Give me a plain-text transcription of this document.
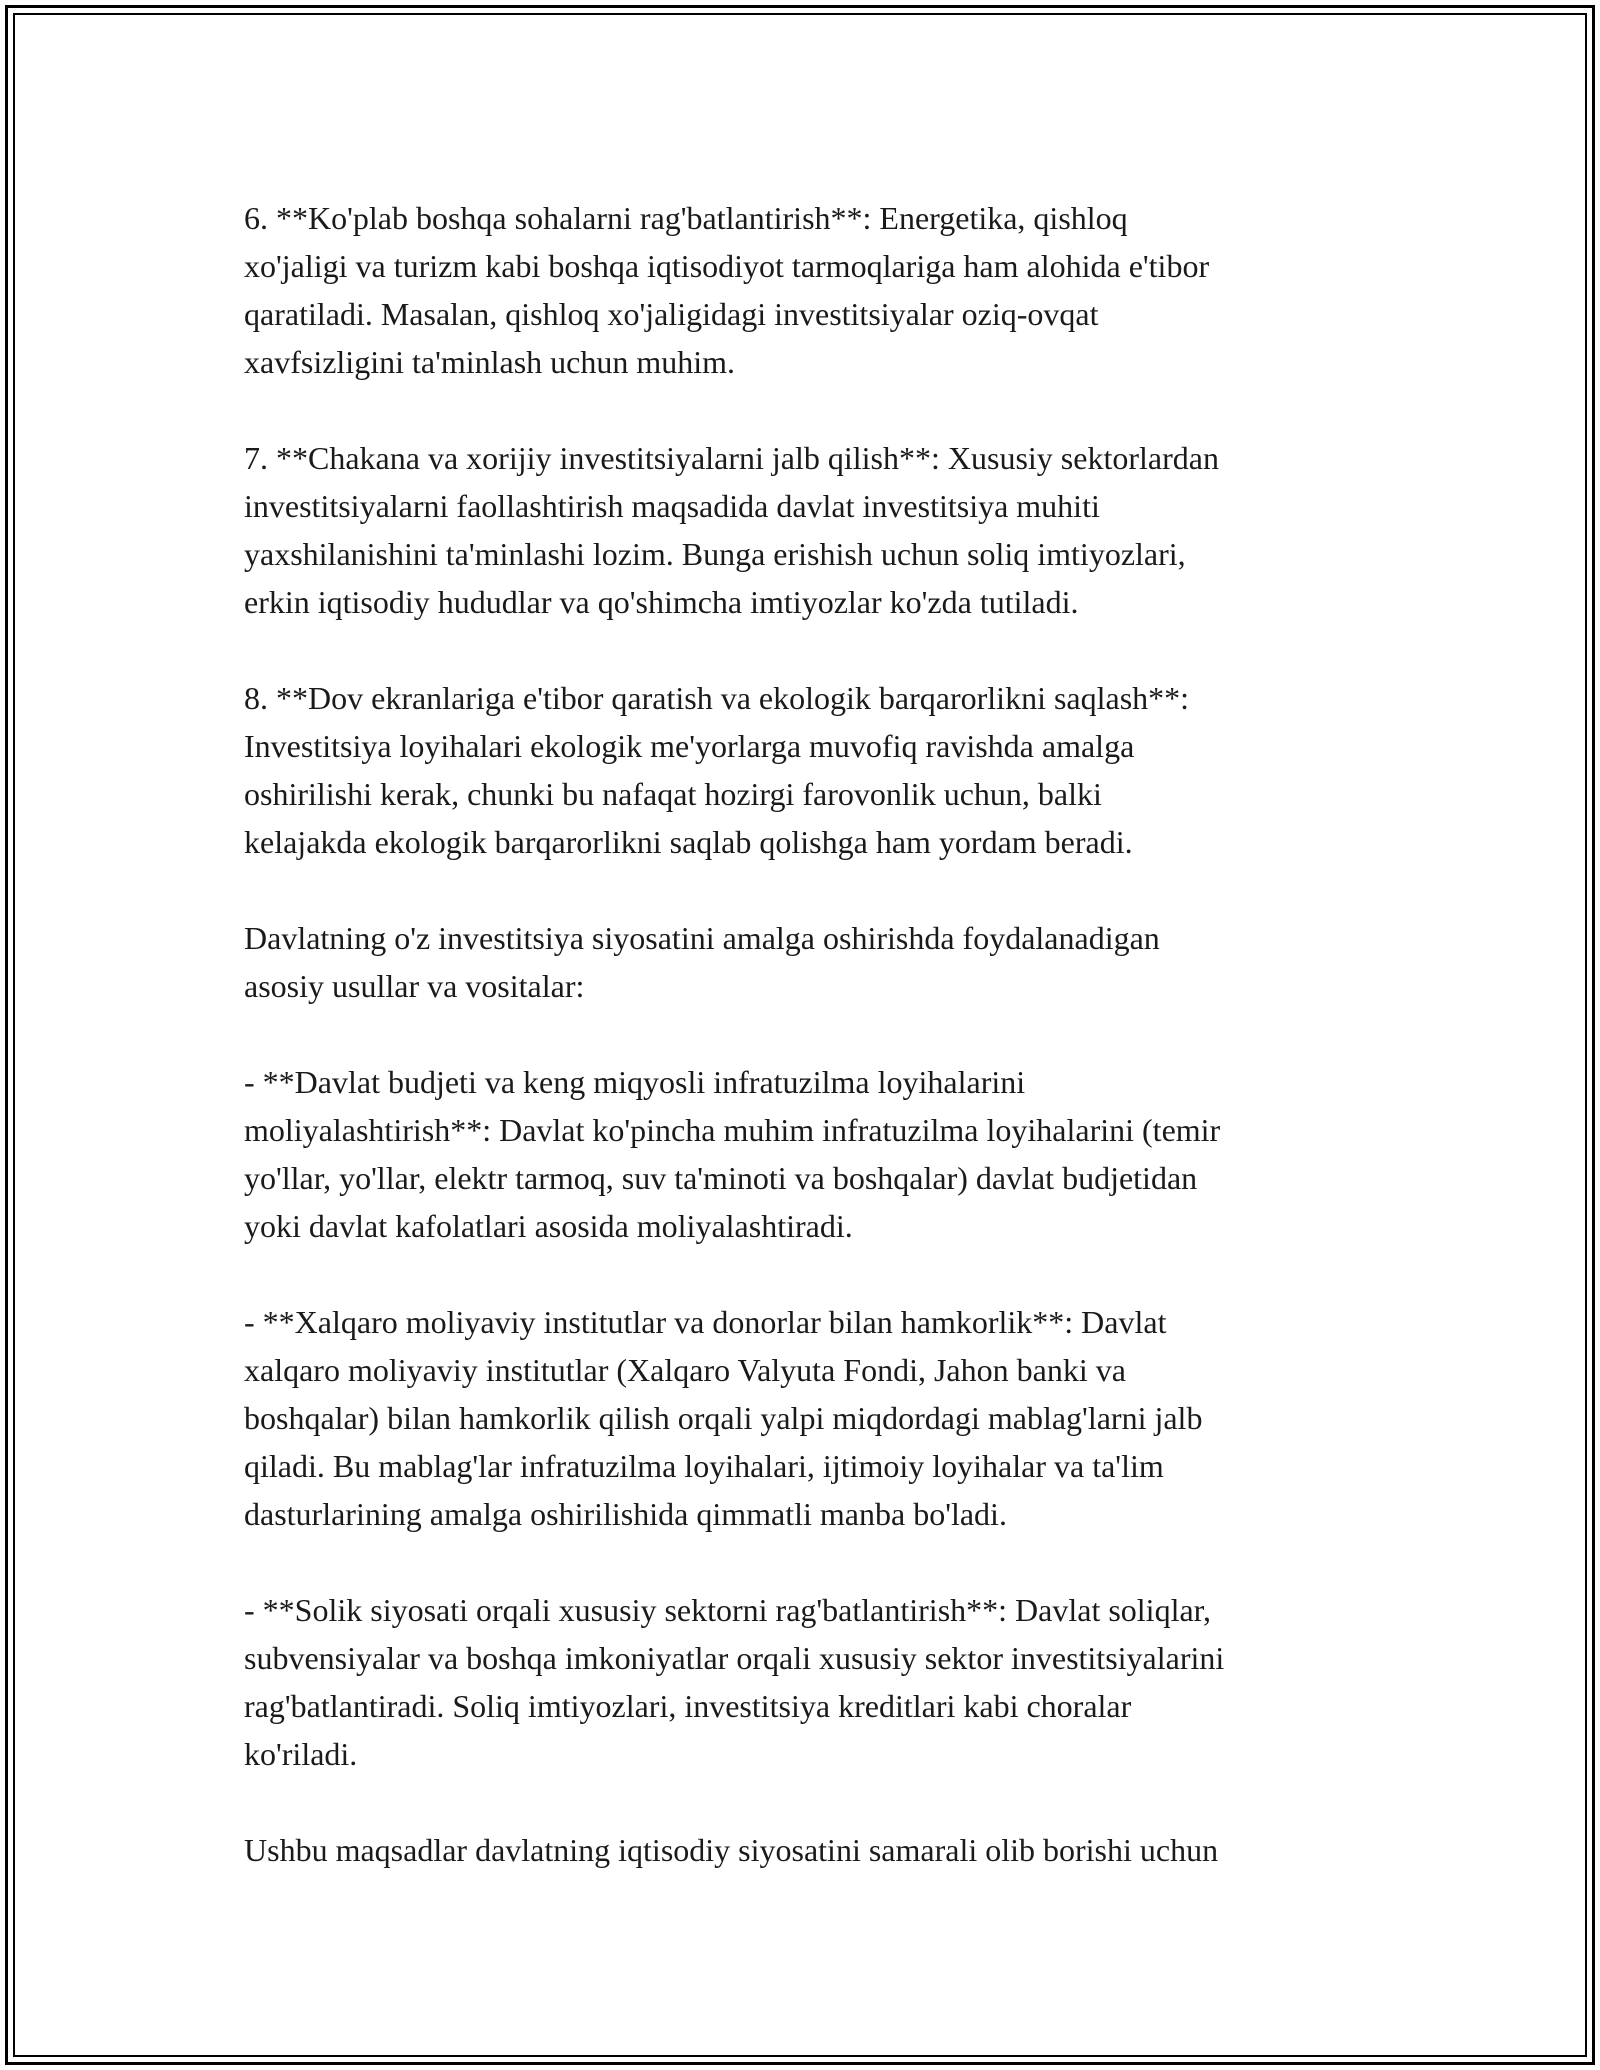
6. **Ko'plab boshqa sohalarni rag'batlantirish**: Energetika, qishloq
xo'jaligi va turizm kabi boshqa iqtisodiyot tarmoqlariga ham alohida e'tibor
qaratiladi. Masalan, qishloq xo'jaligidagi investitsiyalar oziq-ovqat
xavfsizligini ta'minlash uchun muhim.

7. **Chakana va xorijiy investitsiyalarni jalb qilish**: Xususiy sektorlardan
investitsiyalarni faollashtirish maqsadida davlat investitsiya muhiti
yaxshilanishini ta'minlashi lozim. Bunga erishish uchun soliq imtiyozlari,
erkin iqtisodiy hududlar va qo'shimcha imtiyozlar ko'zda tutiladi.

8. **Dov ekranlariga e'tibor qaratish va ekologik barqarorlikni saqlash**:
Investitsiya loyihalari ekologik me'yorlarga muvofiq ravishda amalga
oshirilishi kerak, chunki bu nafaqat hozirgi farovonlik uchun, balki
kelajakda ekologik barqarorlikni saqlab qolishga ham yordam beradi.

Davlatning o'z investitsiya siyosatini amalga oshirishda foydalanadigan
asosiy usullar va vositalar:

- **Davlat budjeti va keng miqyosli infratuzilma loyihalarini
moliyalashtirish**: Davlat ko'pincha muhim infratuzilma loyihalarini (temir
yo'llar, yo'llar, elektr tarmoq, suv ta'minoti va boshqalar) davlat budjetidan
yoki davlat kafolatlari asosida moliyalashtiradi.

- **Xalqaro moliyaviy institutlar va donorlar bilan hamkorlik**: Davlat
xalqaro moliyaviy institutlar (Xalqaro Valyuta Fondi, Jahon banki va
boshqalar) bilan hamkorlik qilish orqali yalpi miqdordagi mablag'larni jalb
qiladi. Bu mablag'lar infratuzilma loyihalari, ijtimoiy loyihalar va ta'lim
dasturlarining amalga oshirilishida qimmatli manba bo'ladi.

- **Solik siyosati orqali xususiy sektorni rag'batlantirish**: Davlat soliqlar,
subvensiyalar va boshqa imkoniyatlar orqali xususiy sektor investitsiyalarini
rag'batlantiradi. Soliq imtiyozlari, investitsiya kreditlari kabi choralar
ko'riladi.

Ushbu maqsadlar davlatning iqtisodiy siyosatini samarali olib borishi uchun
